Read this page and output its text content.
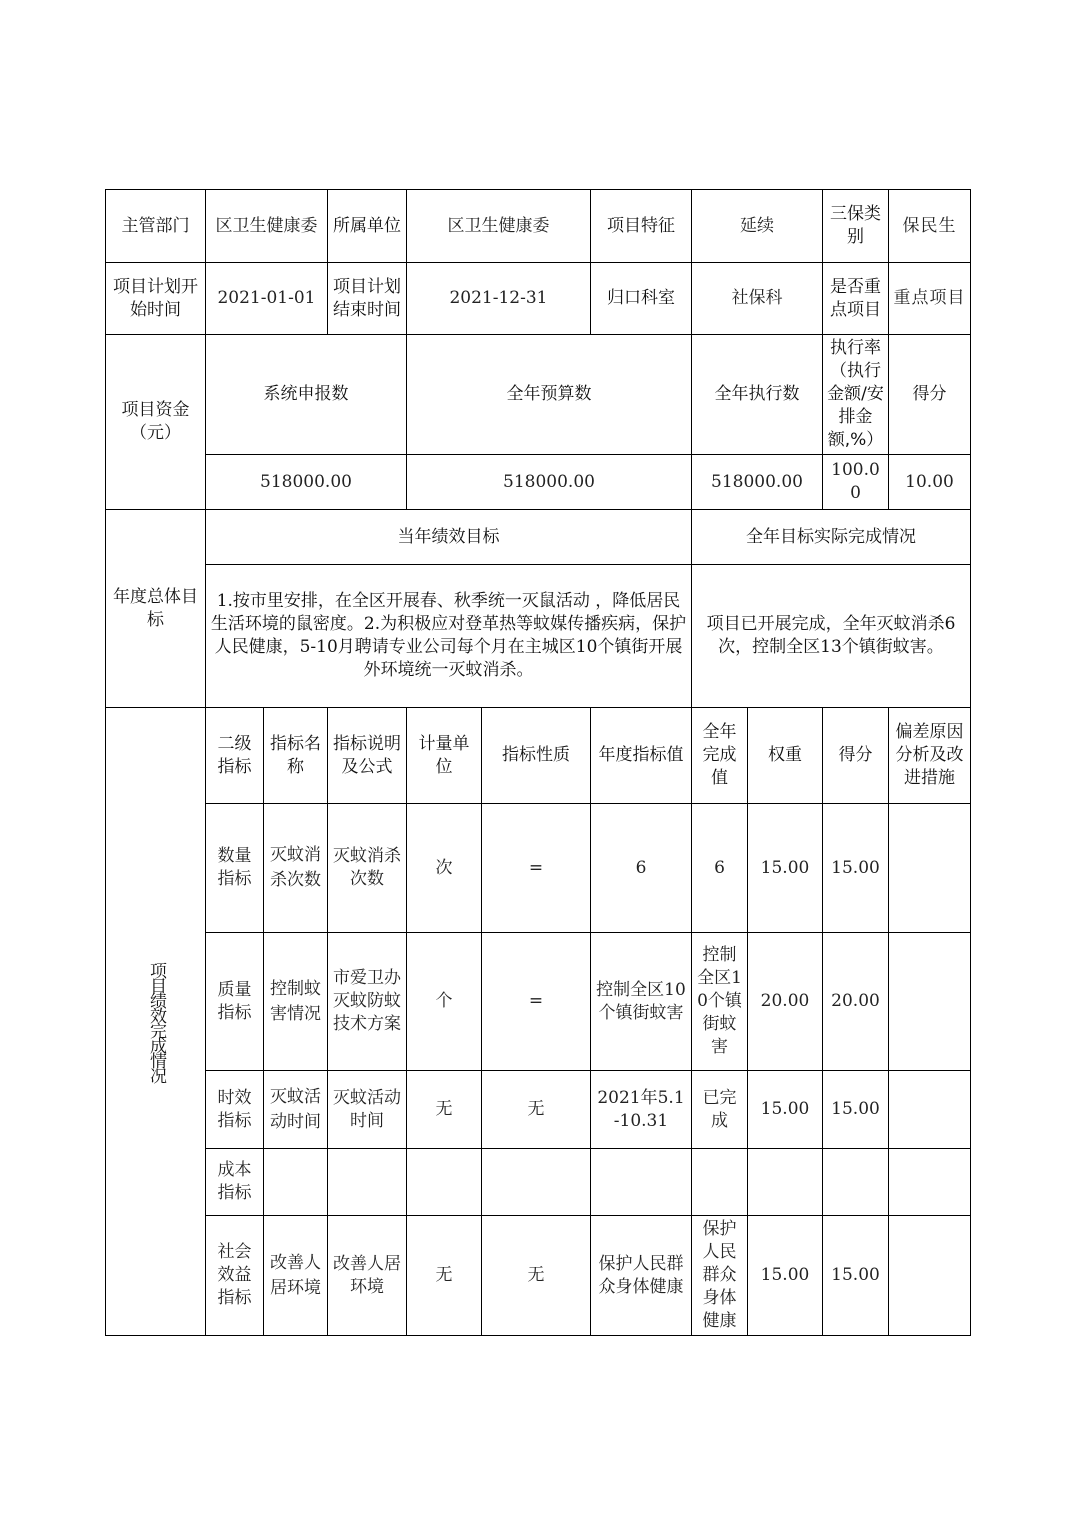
主管部门	区卫生健康委		所属单位	区卫生健康委		项目特征	延续		三保类别	保民生
项目计划开始时间	2021-01-01		项目计划结束时间	2021-12-31		归口科室	社保科		是否重点项目	重点项目
项目资金（元）	系统申报数			全年预算数			全年执行数		执行率（执行金额/安排金额,%）	得分
	518000.00			518000.00			518000.00		100.00	10.00
年度总体目标	当年绩效目标						全年目标实际完成情况			
	1.按市里安排，在全区开展春、秋季统一灭鼠活动 ，降低居民生活环境的鼠密度。2.为积极应对登革热等蚊媒传播疾病，保护人民健康，5-10月聘请专业公司每个月在主城区10个镇街开展外环境统一灭蚊消杀。						项目已开展完成，全年灭蚊消杀6次，控制全区13个镇街蚊害。			

项目绩效完成情况	二级指标	指标名称	指标说明及公式	计量单位	指标性质	年度指标值	全年完成值	权重	得分	偏差原因分析及改进措施
	数量指标	灭蚊消杀次数	灭蚊消杀次数	次	=	6	6	15.00	15.00	
	质量指标	控制蚊害情况	市爱卫办灭蚊防蚊技术方案	个	=	控制全区10个镇街蚊害	控制全区10个镇街蚊害	20.00	20.00	
	时效指标	灭蚊活动时间	灭蚊活动时间	无	无	2021年5.1-10.31	已完成	15.00	15.00	
	成本指标									
	社会效益指标	改善人居环境	改善人居环境	无	无	保护人民群众身体健康	保护人民群众身体健康	15.00	15.00	
